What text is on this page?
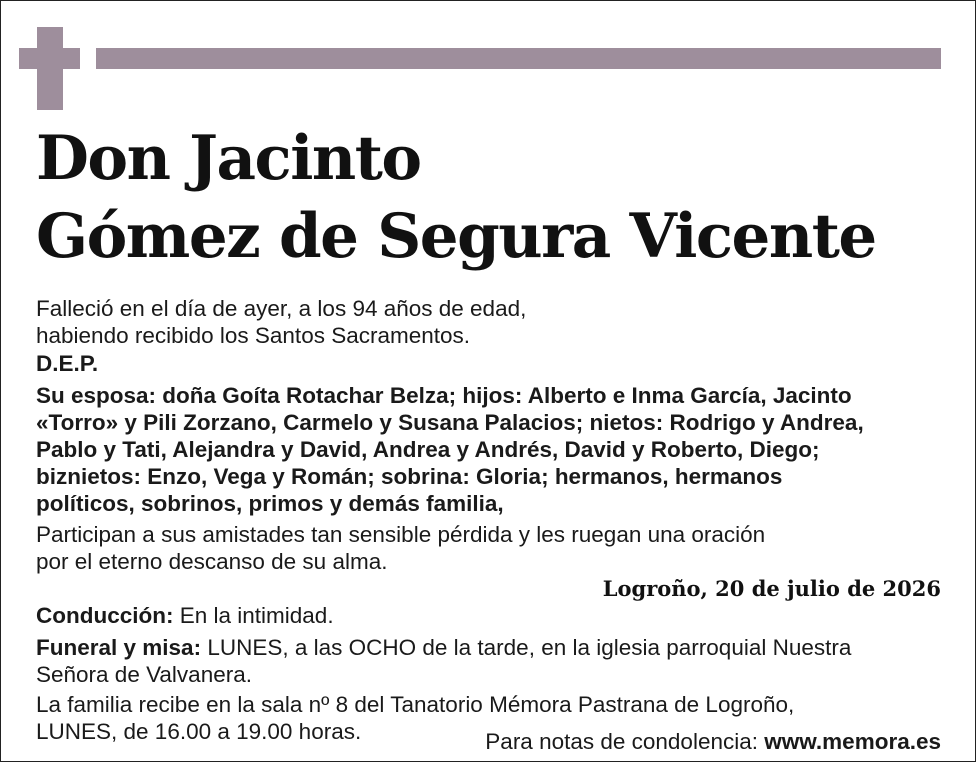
Don Jacinto
Gómez de Segura Vicente

Falleció en el día de ayer, a los 94 años de edad,
habiendo recibido los Santos Sacramentos.

D.E.P.

Su esposa: doña Goíta Rotachar Belza; hijos: Alberto e Inma García, Jacinto
«Torro» y Pili Zorzano, Carmelo y Susana Palacios; nietos: Rodrigo y Andrea,
Pablo y Tati, Alejandra y David, Andrea y Andrés, David y Roberto, Diego;
biznietos: Enzo, Vega y Román; sobrina: Gloria; hermanos, hermanos
políticos, sobrinos, primos y demás familia,

Participan a sus amistades tan sensible pérdida y les ruegan una oración
por el eterno descanso de su alma.

Logroño, 20 de julio de 2026

Conducción: En la intimidad.

Funeral y misa: LUNES, a las OCHO de la tarde, en la iglesia parroquial Nuestra
Señora de Valvanera.

La familia recibe en la sala nº 8 del Tanatorio Mémora Pastrana de Logroño,
LUNES, de 16.00 a 19.00 horas.	Para notas de condolencia: www.memora.es
